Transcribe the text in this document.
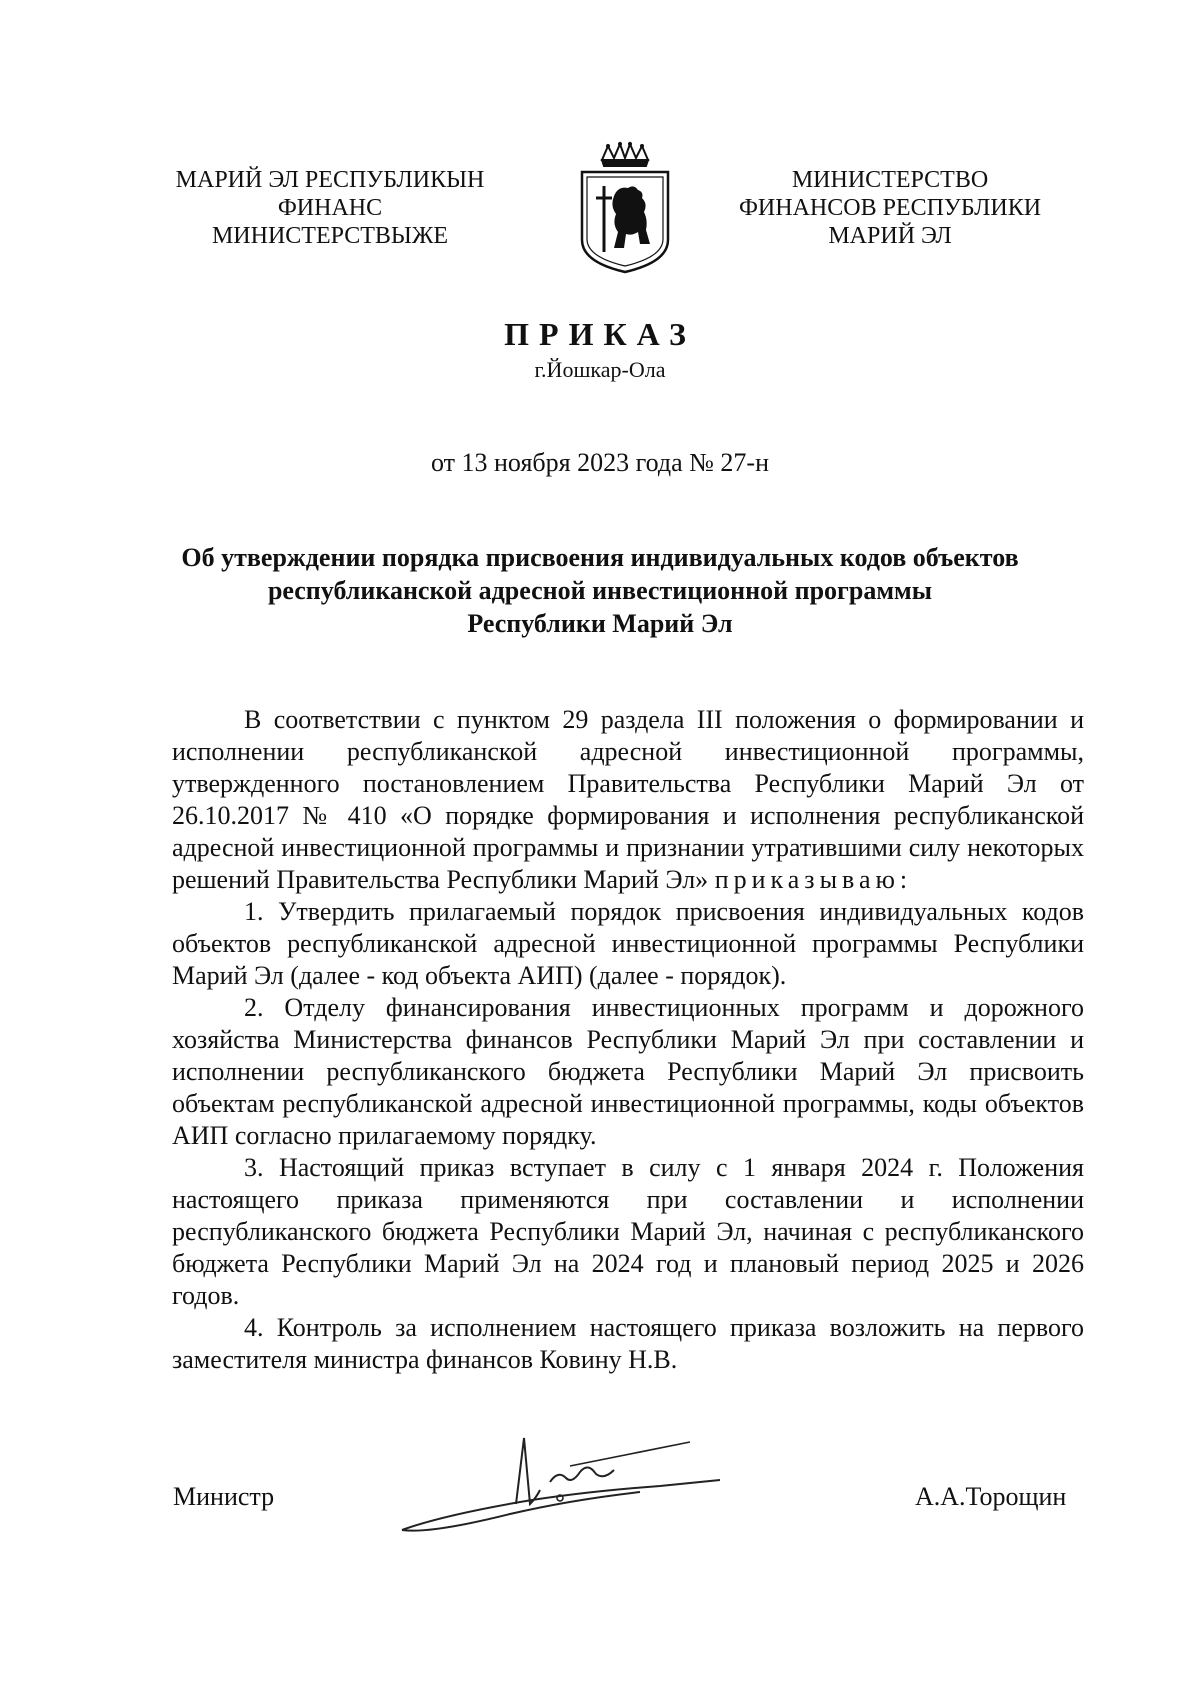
МАРИЙ ЭЛ РЕСПУБЛИКЫН
ФИНАНС
МИНИСТЕРСТВЫЖЕ
МИНИСТЕРСТВО
ФИНАНСОВ РЕСПУБЛИКИ
МАРИЙ ЭЛ
ПРИКАЗ
г.Йошкар-Ола
от 13 ноября 2023 года № 27-н
Об утверждении порядка присвоения индивидуальных кодов объектов
республиканской адресной инвестиционной программы
Республики Марий Эл

В соответствии с пунктом 29 раздела III положения о формировании и исполнении республиканской адресной инвестиционной программы, утвержденного постановлением Правительства Республики Марий Эл от 26.10.2017 № 410 «О порядке формирования и исполнения республиканской адресной инвестиционной программы и признании утратившими силу некоторых решений Правительства Республики Марий Эл» приказываю:

1. Утвердить прилагаемый порядок присвоения индивидуальных кодов объектов республиканской адресной инвестиционной программы Республики Марий Эл (далее - код объекта АИП) (далее - порядок).

2. Отделу финансирования инвестиционных программ и дорожного хозяйства Министерства финансов Республики Марий Эл при составлении и исполнении республиканского бюджета Республики Марий Эл присвоить объектам республиканской адресной инвестиционной программы, коды объектов АИП согласно прилагаемому порядку.

3. Настоящий приказ вступает в силу с 1 января 2024 г. Положения настоящего приказа применяются при составлении и исполнении республиканского бюджета Республики Марий Эл, начиная с республиканского бюджета Республики Марий Эл на 2024 год и плановый период 2025 и 2026 годов.

4. Контроль за исполнением настоящего приказа возложить на первого заместителя министра финансов Ковину Н.В.

Министр	А.А.Торощин
